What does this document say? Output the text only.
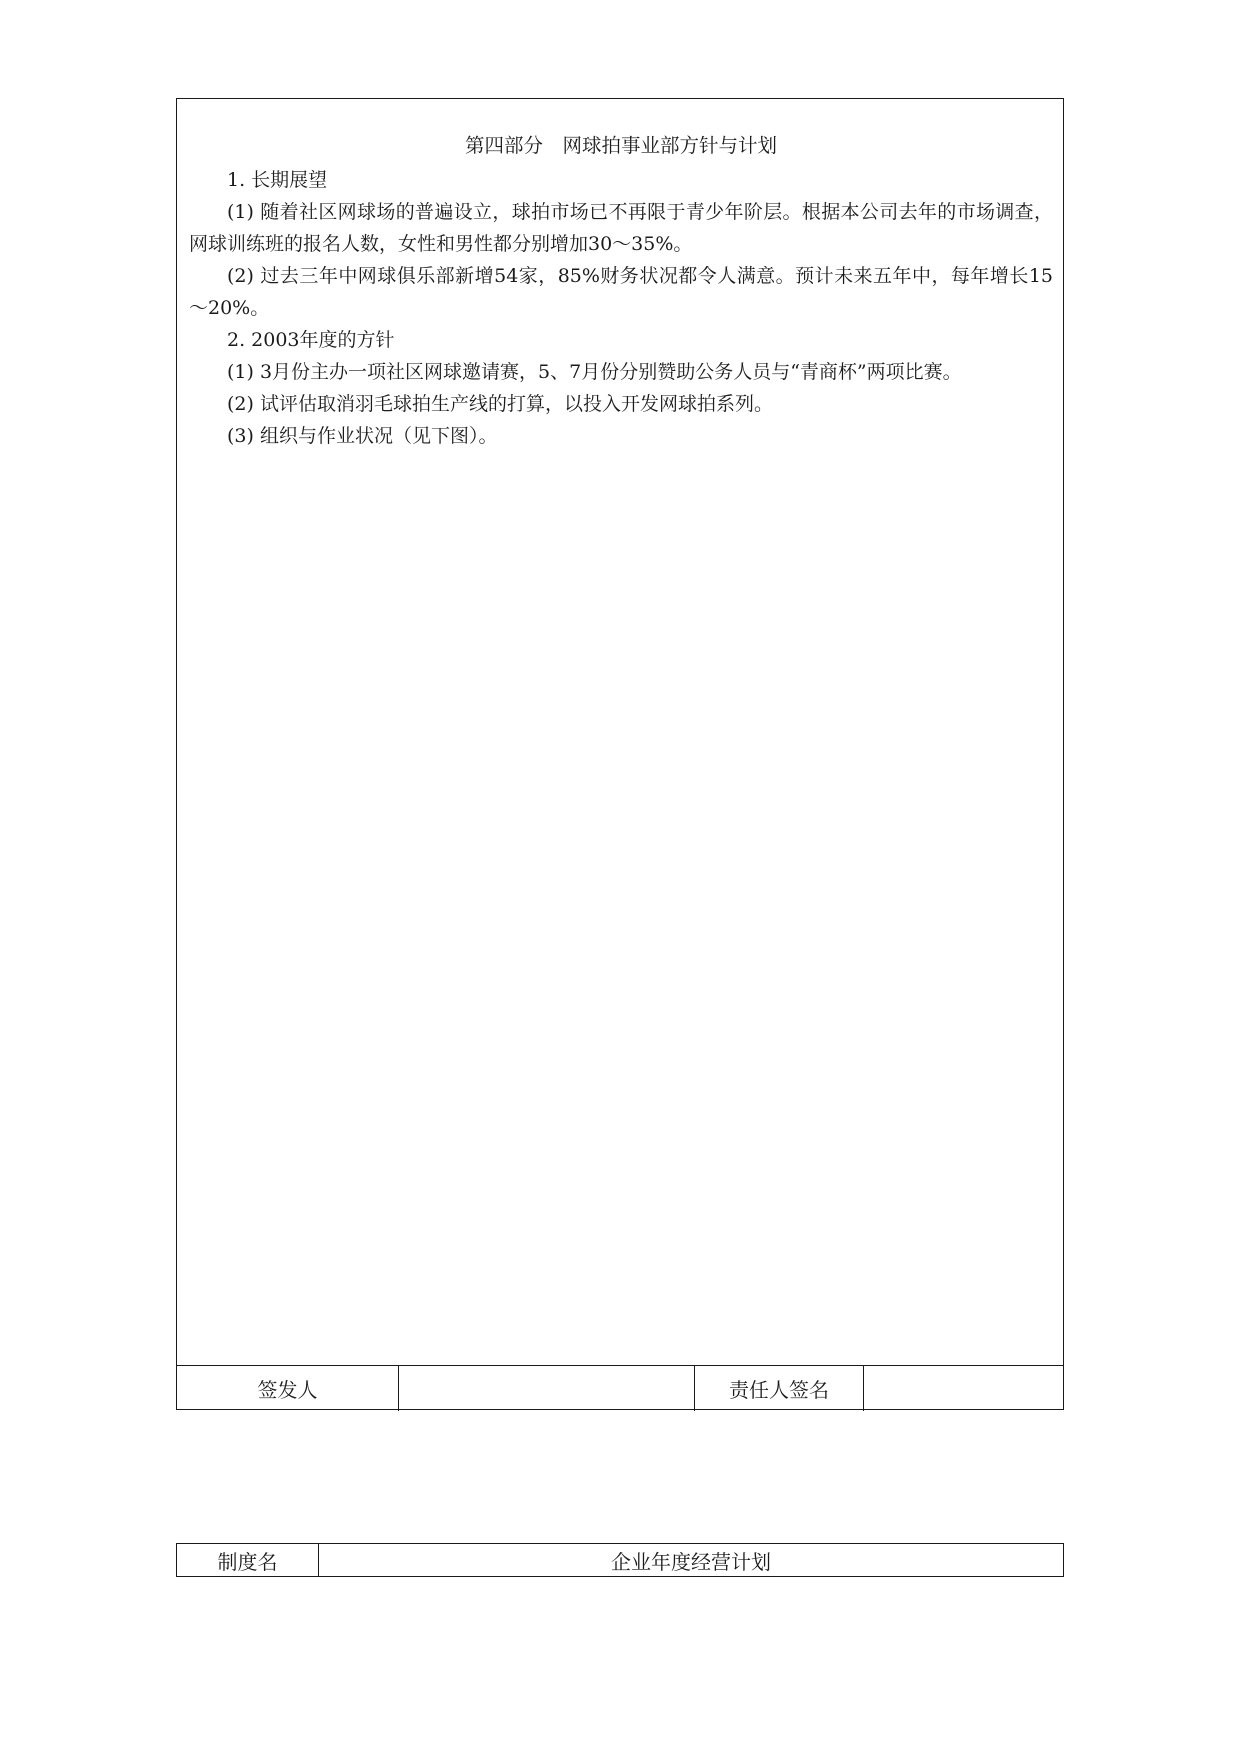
第四部分　网球拍事业部方针与计划

1. 长期展望

(1) 随着社区网球场的普遍设立，球拍市场已不再限于青少年阶层。根据本公司去年的市场调查，网球训练班的报名人数，女性和男性都分别增加30～35%。

(2) 过去三年中网球俱乐部新增54家，85%财务状况都令人满意。预计未来五年中，每年增长15～20%。

2. 2003年度的方针

(1) 3月份主办一项社区网球邀请赛，5、7月份分别赞助公务人员与“青商杯”两项比赛。

(2) 试评估取消羽毛球拍生产线的打算，以投入开发网球拍系列。

(3) 组织与作业状况（见下图）。

签发人	责任人签名
制度名	企业年度经营计划
